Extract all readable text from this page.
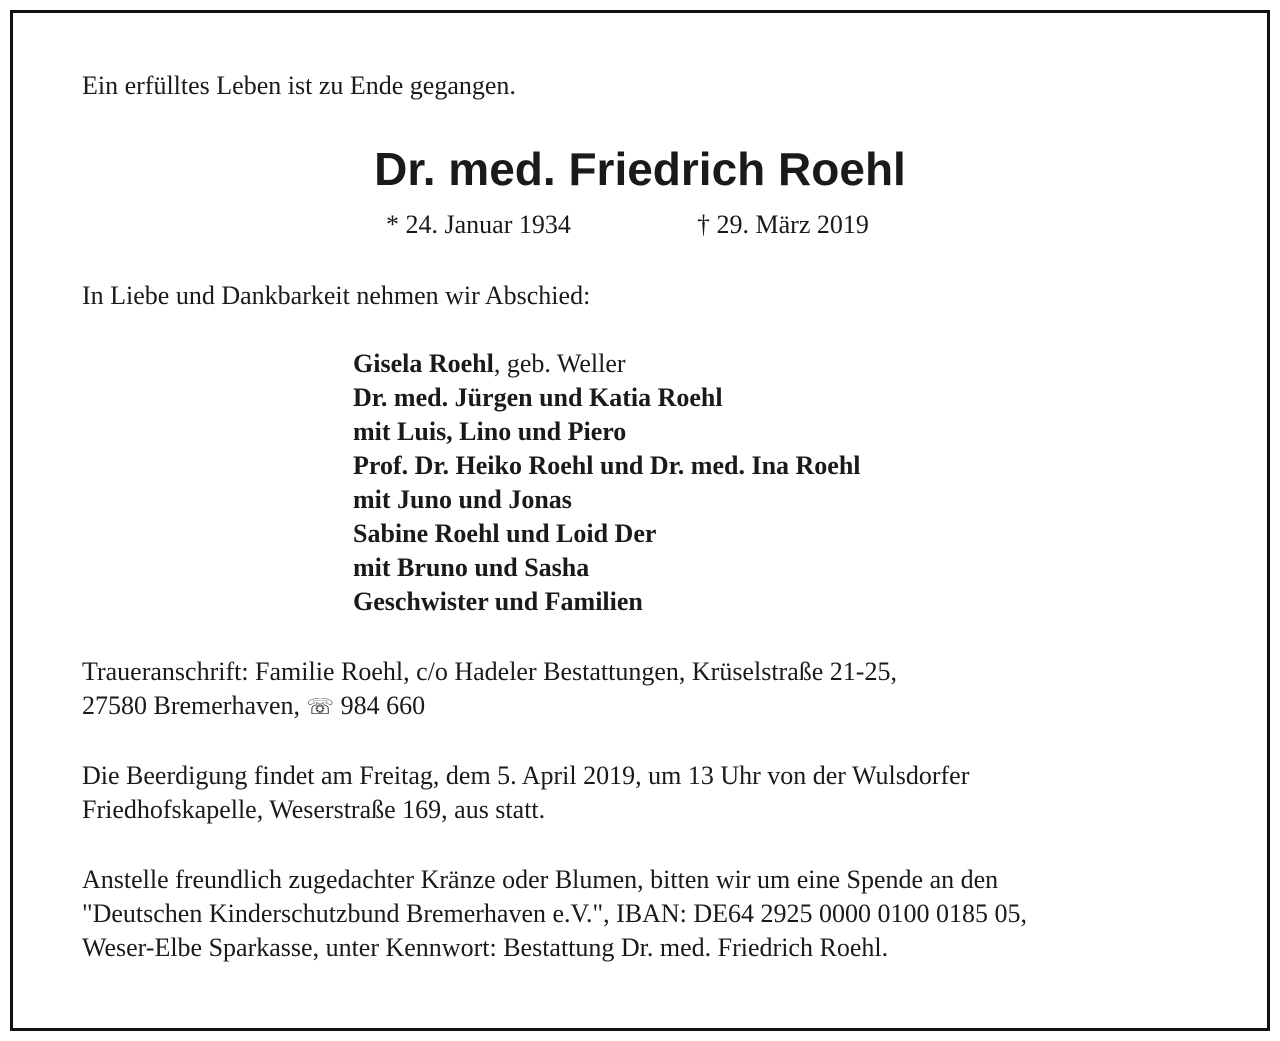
Ein erfülltes Leben ist zu Ende gegangen.
Dr. med. Friedrich Roehl
* 24. Januar 1934	† 29. März 2019
In Liebe und Dankbarkeit nehmen wir Abschied:
Gisela Roehl, geb. Weller
Dr. med. Jürgen und Katia Roehl
mit Luis, Lino und Piero
Prof. Dr. Heiko Roehl und Dr. med. Ina Roehl
mit Juno und Jonas
Sabine Roehl und Loid Der
mit Bruno und Sasha
Geschwister und Familien
Traueranschrift: Familie Roehl, c/o Hadeler Bestattungen, Krüselstraße 21-25,
27580 Bremerhaven, ☏ 984 660
Die Beerdigung findet am Freitag, dem 5. April 2019, um 13 Uhr von der Wulsdorfer
Friedhofskapelle, Weserstraße 169, aus statt.
Anstelle freundlich zugedachter Kränze oder Blumen, bitten wir um eine Spende an den
"Deutschen Kinderschutzbund Bremerhaven e.V.", IBAN: DE64 2925 0000 0100 0185 05,
Weser-Elbe Sparkasse, unter Kennwort: Bestattung Dr. med. Friedrich Roehl.
